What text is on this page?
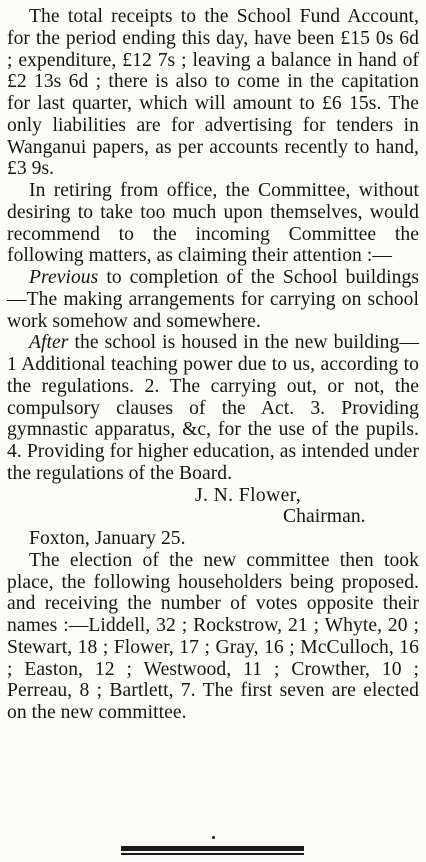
The total receipts to the School Fund Account, for the period ending this day, have been £15 0s 6d ; expenditure, £12 7s ; leaving a balance in hand of £2 13s 6d ; there is also to come in the capitation for last quarter, which will amount to £6 15s. The only liabilities are for advertising for tenders in Wanganui papers, as per accounts recently to hand, £3 9s.

In retiring from office, the Committee, without desiring to take too much upon themselves, would recommend to the incoming Committee the following matters, as claiming their attention :—

Previous to completion of the School buildings—The making arrangements for carrying on school work somehow and somewhere.

After the school is housed in the new building—1 Additional teaching power due to us, according to the regulations. 2. The carrying out, or not, the compulsory clauses of the Act. 3. Providing gymnastic apparatus, &c, for the use of the pupils. 4. Providing for higher education, as intended under the regulations of the Board.

J. N. Flower,

Chairman.

Foxton, January 25.

The election of the new committee then took place, the following householders being proposed. and receiving the number of votes opposite their names :—Liddell, 32 ; Rockstrow, 21 ; Whyte, 20 ; Stewart, 18 ; Flower, 17 ; Gray, 16 ; McCulloch, 16 ; Easton, 12 ; Westwood, 11 ; Crowther, 10 ; Perreau, 8 ; Bartlett, 7. The first seven are elected on the new committee.
